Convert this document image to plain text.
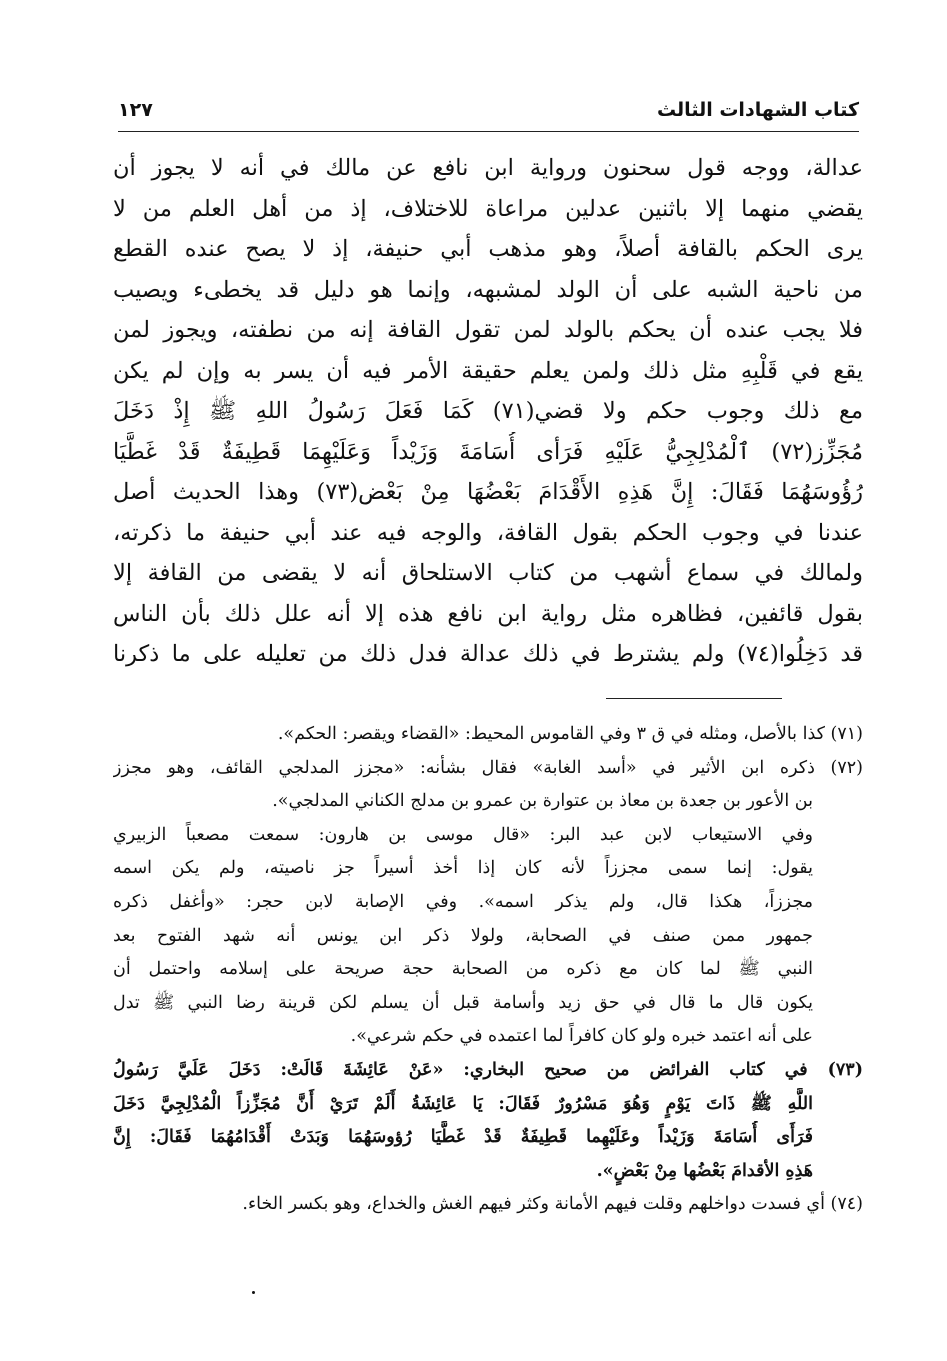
كتاب الشهادات الثالث
١٢٧
عدالة، ووجه قول سحنون ورواية ابن نافع عن مالك في أنه لا يجوز أن
يقضي منهما إلا باثنين عدلين مراعاة للاختلاف، إذ من أهل العلم من لا
يرى الحكم بالقافة أصلاً، وهو مذهب أبي حنيفة، إذ لا يصح عنده القطع
من ناحية الشبه على أن الولد لمشبهه، وإنما هو دليل قد يخطىء ويصيب
فلا يجب عنده أن يحكم بالولد لمن تقول القافة إنه من نطفته، ويجوز لمن
يقع في قَلْبِهِ مثل ذلك ولمن يعلم حقيقة الأمر فيه أن يسر به وإن لم يكن
مع ذلك وجوب حكم ولا قضي(٧١) كَمَا فَعَلَ رَسُولُ اللهِ ﷺ إِذْ دَخَلَ
مُجَزِّز(٧٢) ٱلْمُدْلِجِيُّ عَلَيْهِ فَرَأى أُسَامَةَ وَزَيْداً وَعَلَيْهِمَا قَطِيفَةٌ قَدْ غَطَّيَا
رُؤُوسَهُمَا فَقَالَ: إِنَّ هَذِهِ الأَقْدَامَ بَعْضُهَا مِنْ بَعْض(٧٣) وهذا الحديث أصل
عندنا في وجوب الحكم بقول القافة، والوجه فيه عند أبي حنيفة ما ذكرته،
ولمالك في سماع أشهب من كتاب الاستلحاق أنه لا يقضى من القافة إلا
بقول قائفين، فظاهره مثل رواية ابن نافع هذه إلا أنه علل ذلك بأن الناس
قد دَخِلُوا(٧٤) ولم يشترط في ذلك عدالة فدل ذلك من تعليله على ما ذكرنا
(٧١) كذا بالأصل، ومثله في ق ٣ وفي القاموس المحيط: «القضاء ويقصر: الحكم».
(٧٢) ذكره ابن الأثير في «أسد الغابة» فقال بشأنه: «مجزز المدلجي القائف، وهو مجزز
بن الأعور بن جعدة بن معاذ بن عتوارة بن عمرو بن مدلج الكناني المدلجي».
وفي الاستيعاب لابن عبد البر: «قال موسى بن هارون: سمعت مصعباً الزبيري
يقول: إنما سمى مجززاً لأنه كان إذا أخذ أسيراً جز ناصيته، ولم يكن اسمه
مجززاً، هكذا قال، ولم يذكر اسمه». وفي الإصابة لابن حجر: «وأغفل ذكره
جمهور ممن صنف في الصحابة، ولولا ذكر ابن يونس أنه شهد الفتوح بعد
النبي ﷺ لما كان مع ذكره من الصحابة حجة صريحة على إسلامه واحتمل أن
يكون قال ما قال في حق زيد وأسامة قبل أن يسلم لكن قرينة رضا النبي ﷺ تدل
على أنه اعتمد خبره ولو كان كافراً لما اعتمده في حكم شرعي».
(٧٣) في كتاب الفرائض من صحيح البخاري: «عَنْ عَائِشَةَ قَالَتْ: دَخَلَ عَلَيَّ رَسُولُ
اللَّهِ ﷺ ذَاتَ يَوْمٍ وَهُوَ مَسْرُورٌ فَقَالَ: يَا عَائِشَةُ أَلَمْ تَرَيْ أَنَّ مُجَزِّزاً الْمُدْلِجِيَّ دَخَلَ
فَرَأَى أُسَامَةَ وَزَيْداً وعَلَيْهِما قَطِيفَةٌ قَدْ غَطَّيَا رُؤوسَهُمَا وَبَدَتْ أَقْدَامُهُمَا فَقَالَ: إِنَّ
هَذِهِ الأقدامَ بَعْضُها مِنْ بَعْضٍ».
(٧٤) أي فسدت دواخلهم وقلت فيهم الأمانة وكثر فيهم الغش والخداع، وهو بكسر الخاء.
